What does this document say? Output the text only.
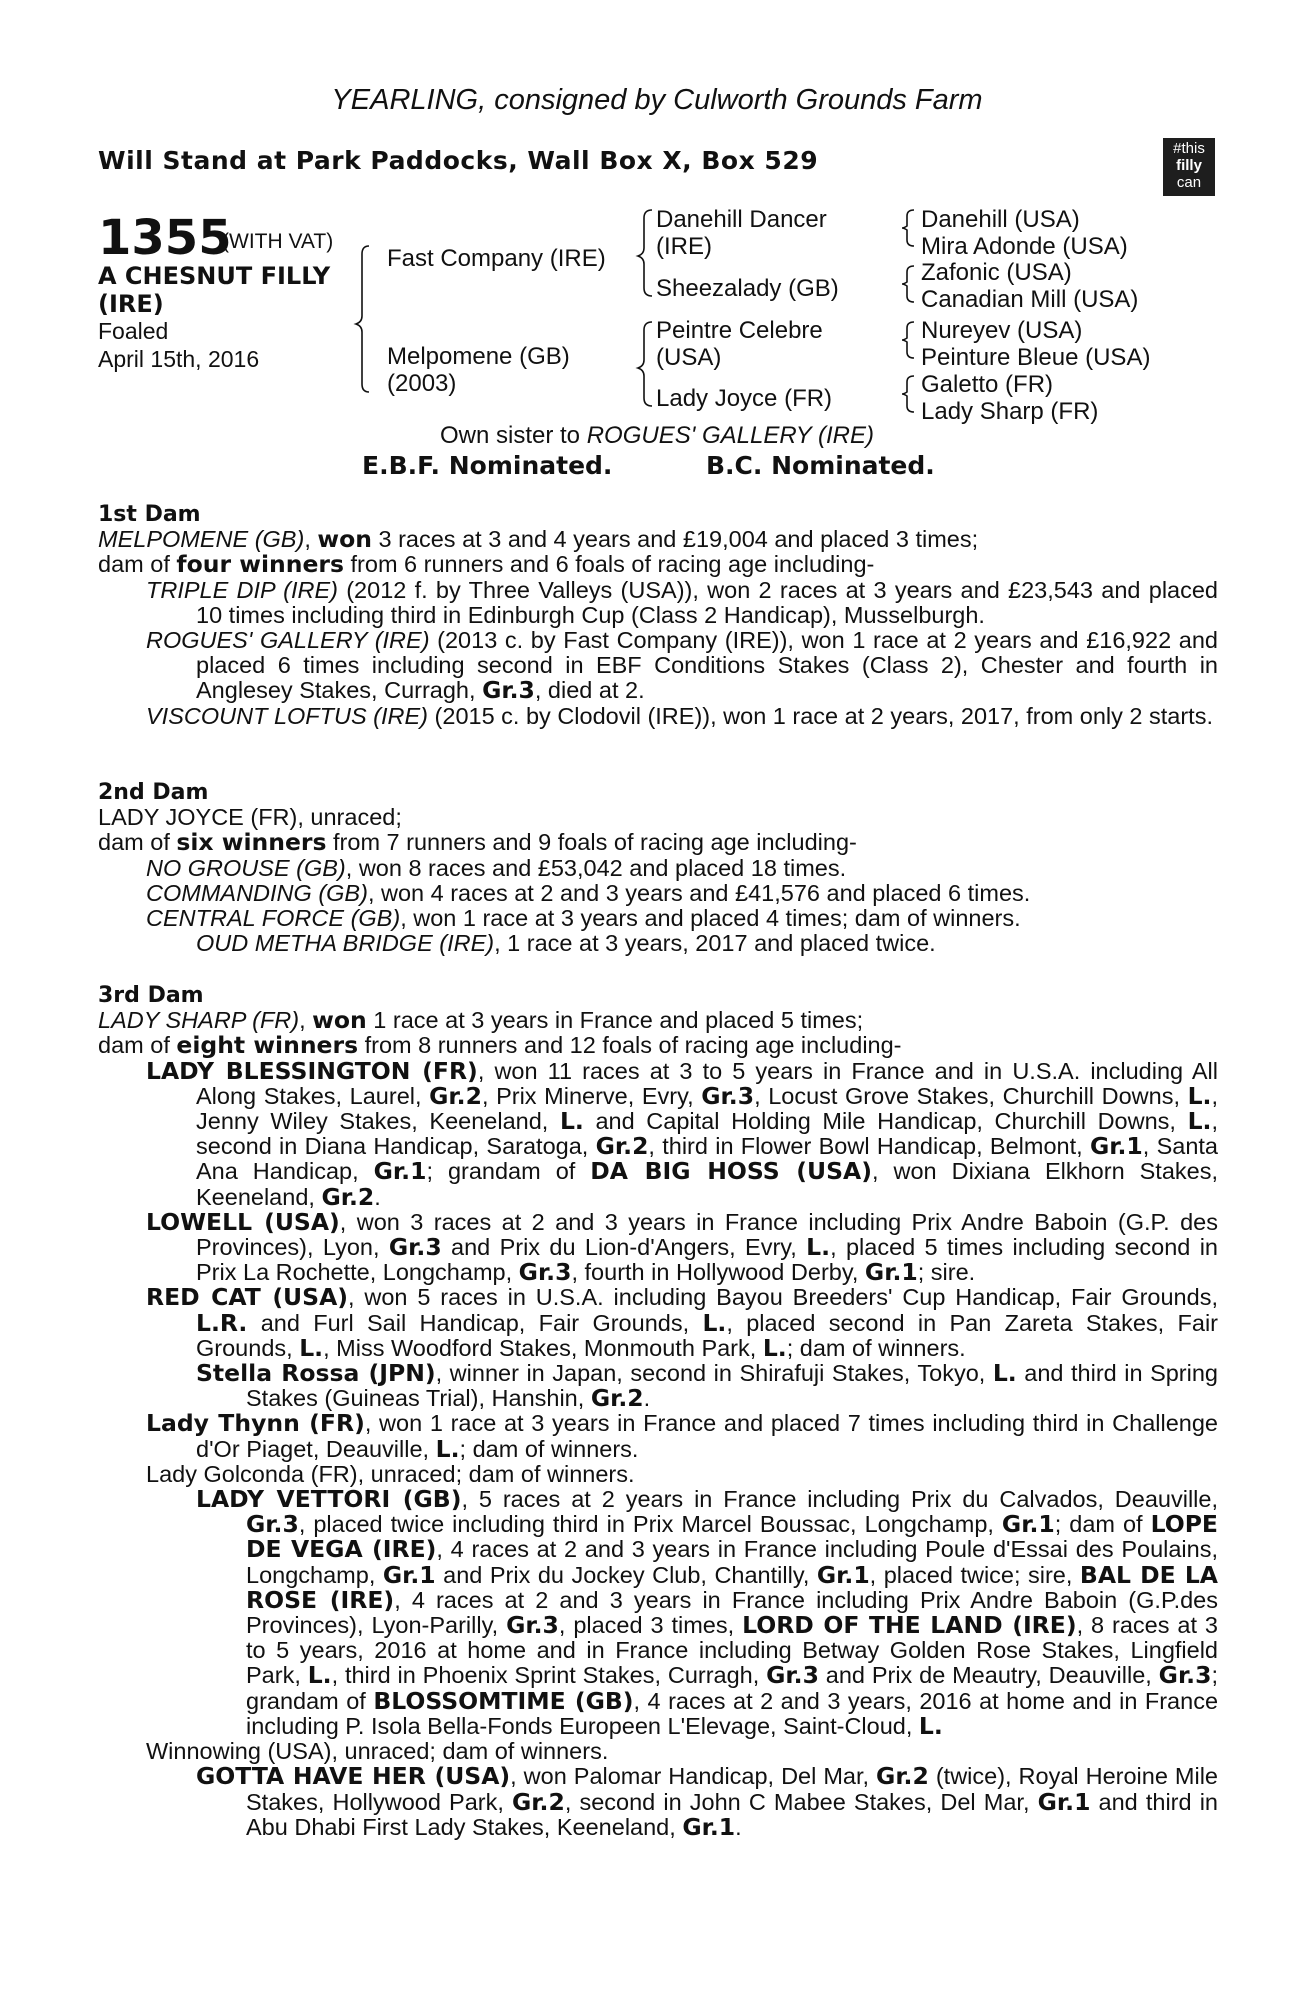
YEARLING, consigned by Culworth Grounds Farm
Will Stand at Park Paddocks, Wall Box X, Box 529	#this
filly
can
1355
(WITH VAT)
A CHESNUT FILLY (IRE)
Foaled
April 15th, 2016
Fast Company (IRE)
Melpomene (GB)
(2003)
Danehill Dancer
(IRE)
Sheezalady (GB)
Peintre Celebre
(USA)
Lady Joyce (FR)
Danehill (USA)
Mira Adonde (USA)
Zafonic (USA)
Canadian Mill (USA)
Nureyev (USA)
Peinture Bleue (USA)
Galetto (FR)
Lady Sharp (FR)
Own sister to ROGUES' GALLERY (IRE)
E.B.F. Nominated.	B.C. Nominated.
1st Dam

MELPOMENE (GB), won 3 races at 3 and 4 years and £19,004 and placed 3 times;

dam of four winners from 6 runners and 6 foals of racing age including-

TRIPLE DIP (IRE) (2012 f. by Three Valleys (USA)), won 2 races at 3 years and £23,543 and placed 10 times including third in Edinburgh Cup (Class 2 Handicap), Musselburgh.

ROGUES' GALLERY (IRE) (2013 c. by Fast Company (IRE)), won 1 race at 2 years and £16,922 and placed 6 times including second in EBF Conditions Stakes (Class 2), Chester and fourth in Anglesey Stakes, Curragh, Gr.3, died at 2.

VISCOUNT LOFTUS (IRE) (2015 c. by Clodovil (IRE)), won 1 race at 2 years, 2017, from only 2 starts.

2nd Dam

LADY JOYCE (FR), unraced;

dam of six winners from 7 runners and 9 foals of racing age including-

NO GROUSE (GB), won 8 races and £53,042 and placed 18 times.

COMMANDING (GB), won 4 races at 2 and 3 years and £41,576 and placed 6 times.

CENTRAL FORCE (GB), won 1 race at 3 years and placed 4 times; dam of winners.

OUD METHA BRIDGE (IRE), 1 race at 3 years, 2017 and placed twice.

3rd Dam

LADY SHARP (FR), won 1 race at 3 years in France and placed 5 times;

dam of eight winners from 8 runners and 12 foals of racing age including-

LADY BLESSINGTON (FR), won 11 races at 3 to 5 years in France and in U.S.A. including All Along Stakes, Laurel, Gr.2, Prix Minerve, Evry, Gr.3, Locust Grove Stakes, Churchill Downs, L., Jenny Wiley Stakes, Keeneland, L. and Capital Holding Mile Handicap, Churchill Downs, L., second in Diana Handicap, Saratoga, Gr.2, third in Flower Bowl Handicap, Belmont, Gr.1, Santa Ana Handicap, Gr.1; grandam of DA BIG HOSS (USA), won Dixiana Elkhorn Stakes, Keeneland, Gr.2.

LOWELL (USA), won 3 races at 2 and 3 years in France including Prix Andre Baboin (G.P. des Provinces), Lyon, Gr.3 and Prix du Lion-d'Angers, Evry, L., placed 5 times including second in Prix La Rochette, Longchamp, Gr.3, fourth in Hollywood Derby, Gr.1; sire.

RED CAT (USA), won 5 races in U.S.A. including Bayou Breeders' Cup Handicap, Fair Grounds, L.R. and Furl Sail Handicap, Fair Grounds, L., placed second in Pan Zareta Stakes, Fair Grounds, L., Miss Woodford Stakes, Monmouth Park, L.; dam of winners.

Stella Rossa (JPN), winner in Japan, second in Shirafuji Stakes, Tokyo, L. and third in Spring Stakes (Guineas Trial), Hanshin, Gr.2.

Lady Thynn (FR), won 1 race at 3 years in France and placed 7 times including third in Challenge d'Or Piaget, Deauville, L.; dam of winners.

Lady Golconda (FR), unraced; dam of winners.

LADY VETTORI (GB), 5 races at 2 years in France including Prix du Calvados, Deauville, Gr.3, placed twice including third in Prix Marcel Boussac, Longchamp, Gr.1; dam of LOPE DE VEGA (IRE), 4 races at 2 and 3 years in France including Poule d'Essai des Poulains, Longchamp, Gr.1 and Prix du Jockey Club, Chantilly, Gr.1, placed twice; sire, BAL DE LA ROSE (IRE), 4 races at 2 and 3 years in France including Prix Andre Baboin (G.P.des Provinces), Lyon-Parilly, Gr.3, placed 3 times, LORD OF THE LAND (IRE), 8 races at 3 to 5 years, 2016 at home and in France including Betway Golden Rose Stakes, Lingfield Park, L., third in Phoenix Sprint Stakes, Curragh, Gr.3 and Prix de Meautry, Deauville, Gr.3; grandam of BLOSSOMTIME (GB), 4 races at 2 and 3 years, 2016 at home and in France including P. Isola Bella-Fonds Europeen L'Elevage, Saint-Cloud, L.

Winnowing (USA), unraced; dam of winners.

GOTTA HAVE HER (USA), won Palomar Handicap, Del Mar, Gr.2 (twice), Royal Heroine Mile Stakes, Hollywood Park, Gr.2, second in John C Mabee Stakes, Del Mar, Gr.1 and third in Abu Dhabi First Lady Stakes, Keeneland, Gr.1.
